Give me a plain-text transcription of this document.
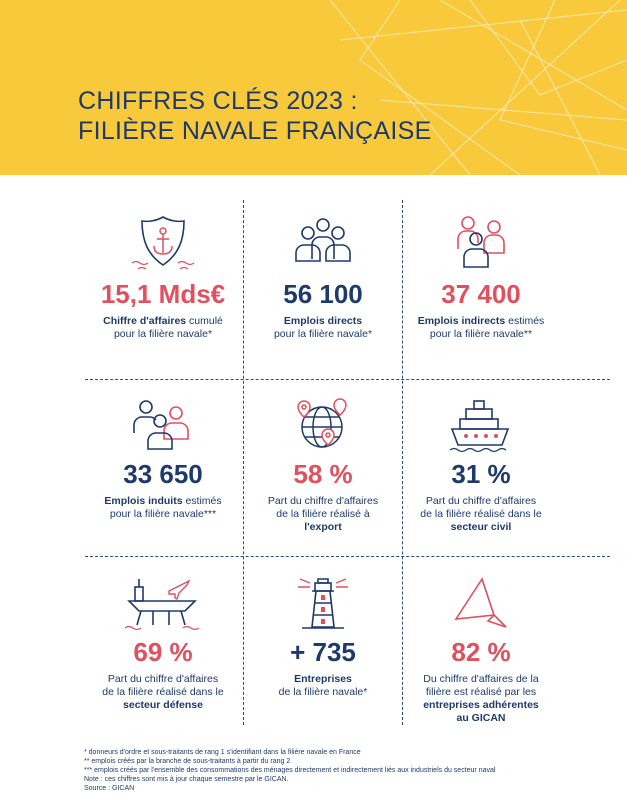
CHIFFRES CLÉS 2023 :
FILIÈRE NAVALE FRANÇAISE
15,1 Mds€
Chiffre d'affaires cumulé
pour la filière navale*
56 100
Emplois directs
pour la filière navale*
37 400
Emplois indirects estimés
pour la filière navale**
33 650
Emplois induits estimés
pour la filière navale***
58 %
Part du chiffre d'affaires
de la filière réalisé à
l'export
31 %
Part du chiffre d'affaires
de la filière réalisé dans le
secteur civil
69 %
Part du chiffre d'affaires
de la filière réalisé dans le
secteur défense
+ 735
Entreprises
de la filière navale*
82 %
Du chiffre d'affaires de la
filière est réalisé par les
entreprises adhérentes
au GICAN
* donneurs d'ordre et sous-traitants de rang 1 s'identifiant dans la filière navale en France
** emplois créés par la branche de sous-traitants à partir du rang 2
*** emplois créés par l'ensemble des consommations des ménages directement et indirectement liés aux industriels du secteur naval
Note : ces chiffres sont mis à jour chaque semestre par le GICAN.
Source : GICAN
